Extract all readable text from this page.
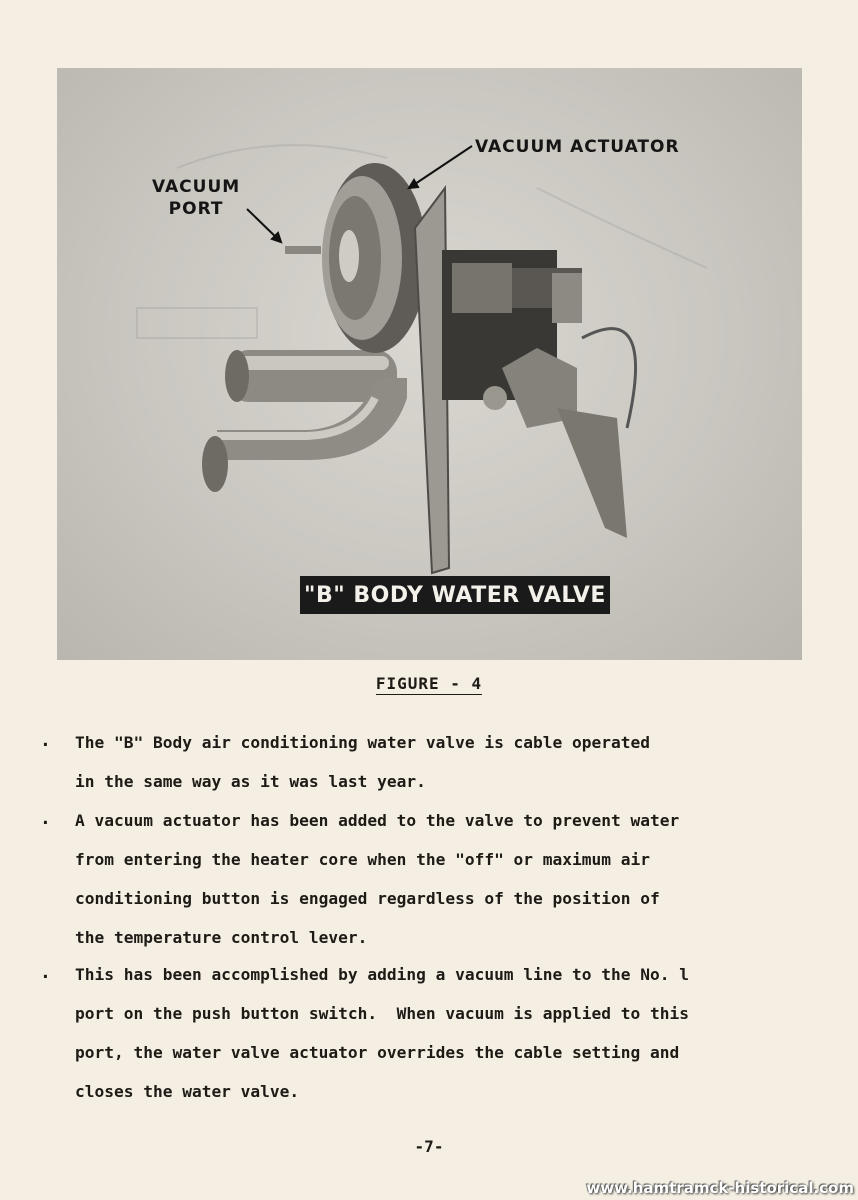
VACUUM
PORT
VACUUM ACTUATOR
"B" BODY WATER VALVE
FIGURE - 4
. The "B" Body air conditioning water valve is cable operated
in the same way as it was last year.
. A vacuum actuator has been added to the valve to prevent water
from entering the heater core when the "off" or maximum air
conditioning button is engaged regardless of the position of
the temperature control lever.
. This has been accomplished by adding a vacuum line to the No. l
port on the push button switch.  When vacuum is applied to this
port, the water valve actuator overrides the cable setting and
closes the water valve.
-7-
www.hamtramck-historical.com
